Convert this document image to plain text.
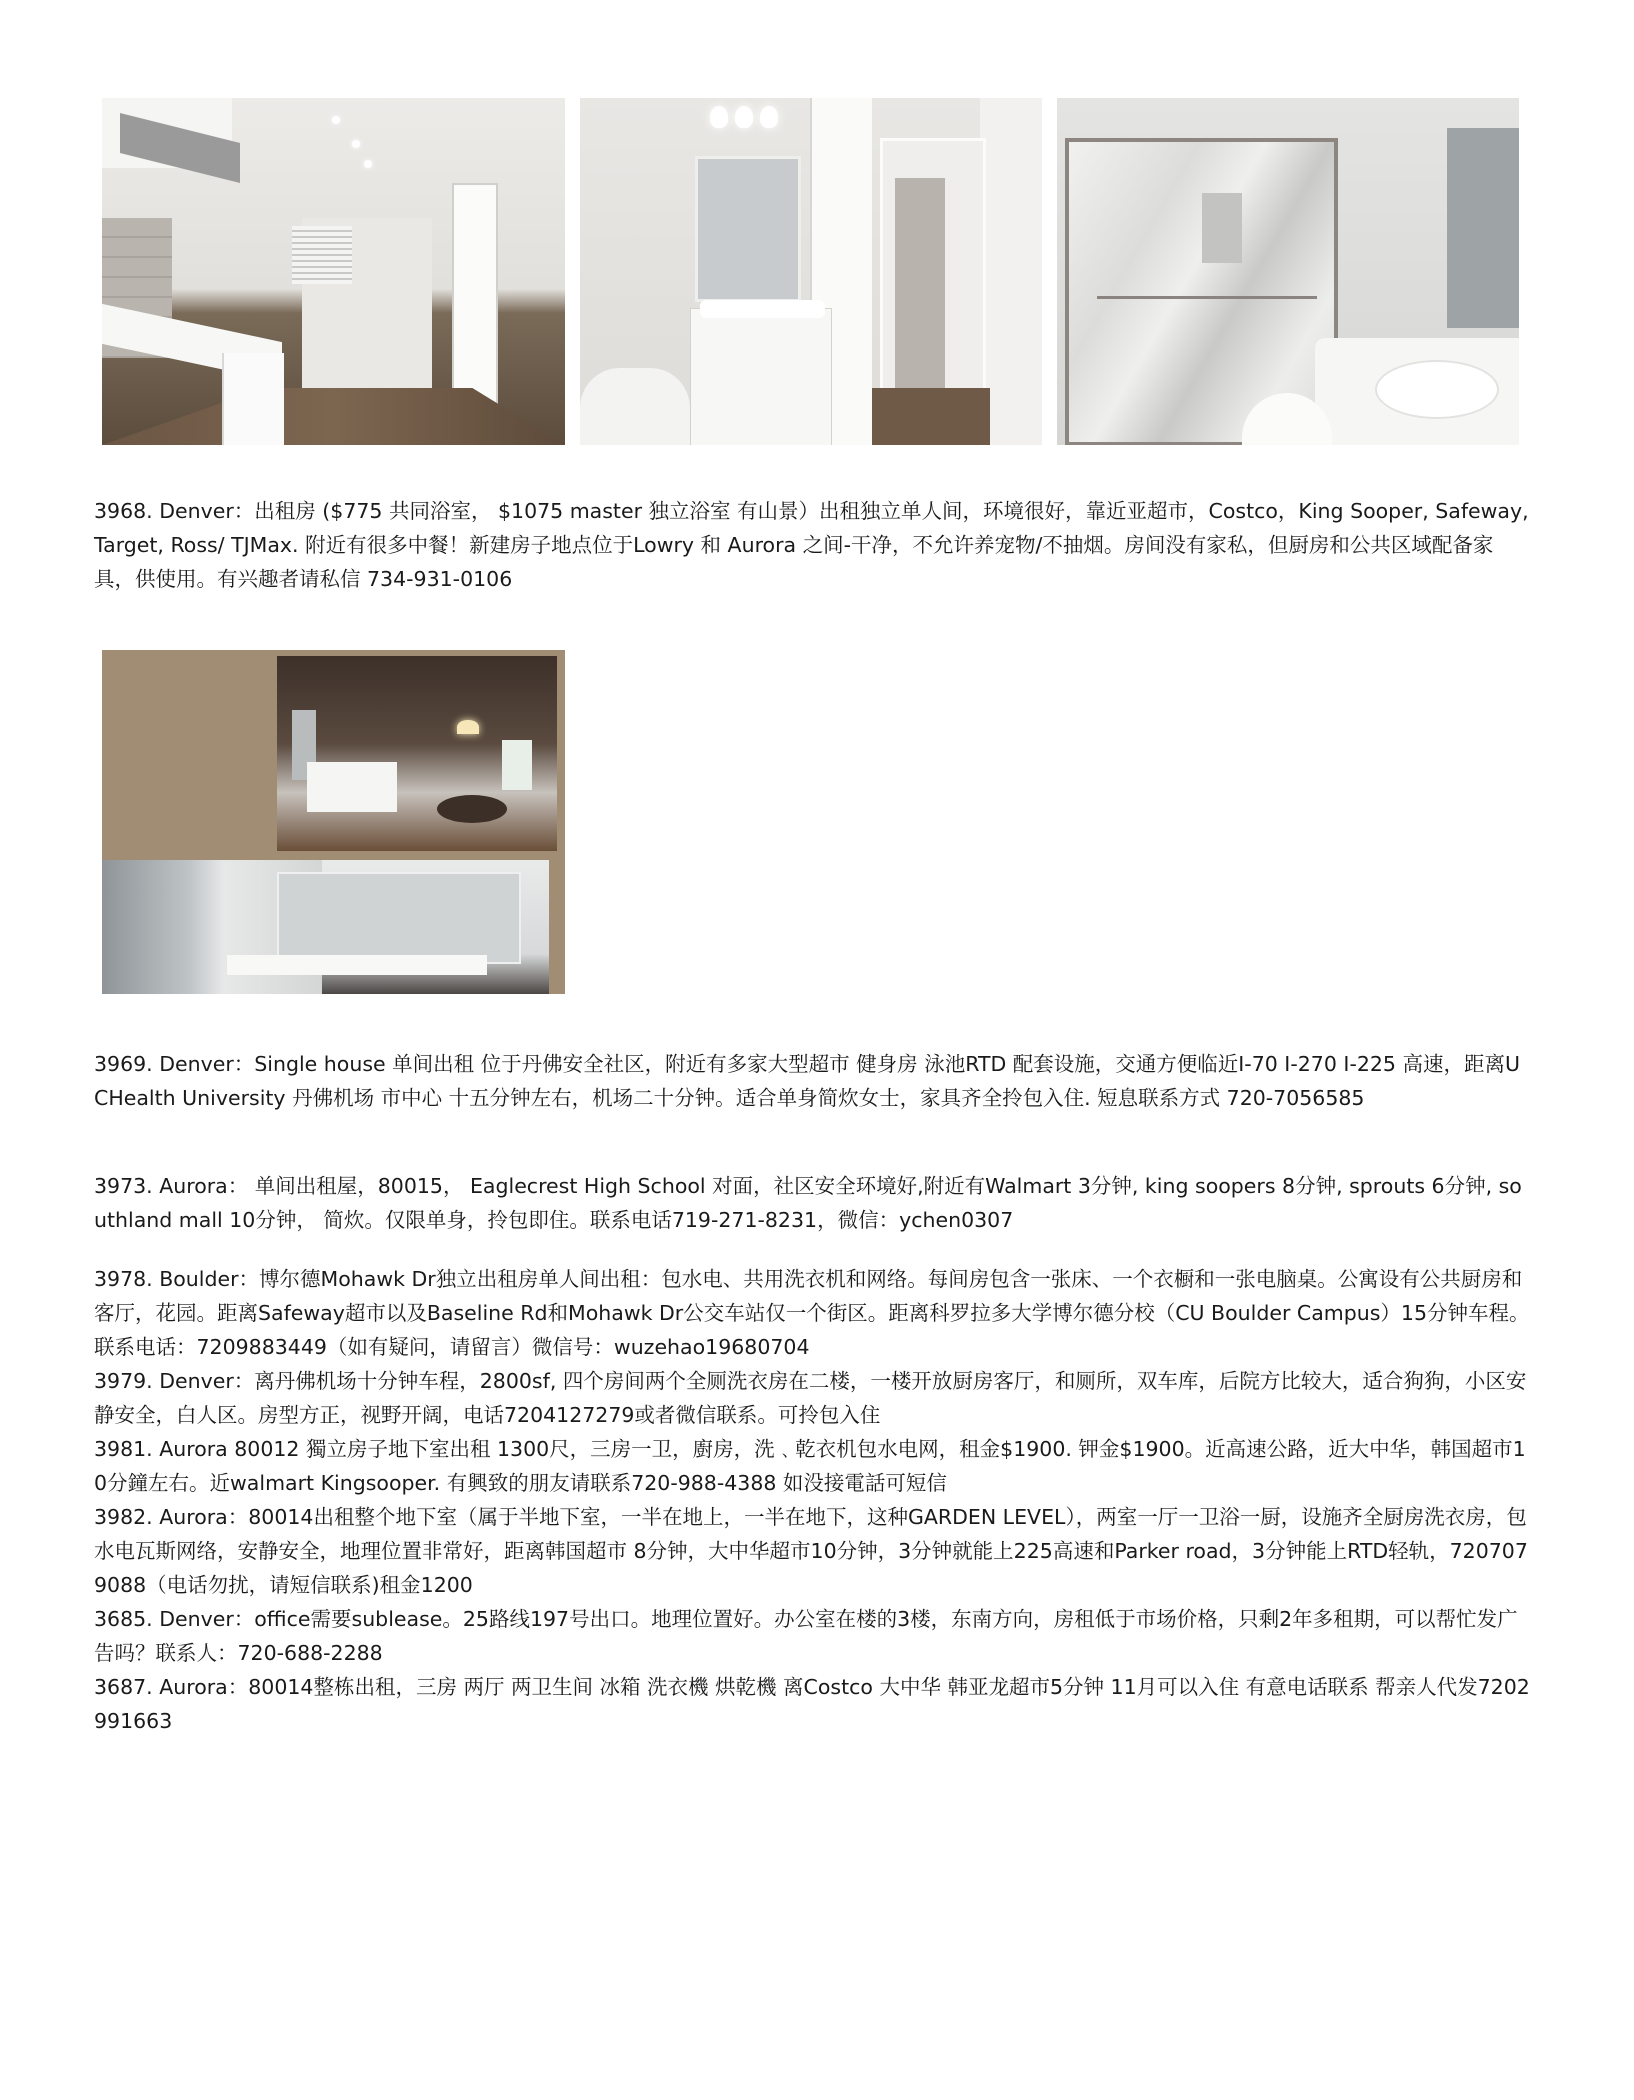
3968. Denver：出租房 ($775 共同浴室， $1075 master 独立浴室 有山景）出租独立单人间，环境很好，靠近亚超市，Costco，King Sooper, Safeway, Target, Ross/ TJMax. 附近有很多中餐！新建房子地点位于Lowry 和 Aurora 之间-干净，不允许养宠物/不抽烟。房间没有家私，但厨房和公共区域配备家具，供使用。有兴趣者请私信 734-931-0106

3969. Denver：Single house 单间出租 位于丹佛安全社区，附近有多家大型超市 健身房 泳池RTD 配套设施，交通方便临近I-70 I-270 I-225 高速，距离UCHealth University 丹佛机场 市中心 十五分钟左右，机场二十分钟。适合单身简炊女士，家具齐全拎包入住. 短息联系方式 720-7056585

3973. Aurora： 单间出租屋，80015， Eaglecrest High School 对面，社区安全环境好,附近有Walmart 3分钟, king soopers 8分钟, sprouts 6分钟, southland mall 10分钟， 简炊。仅限单身，拎包即住。联系电话719-271-8231，微信：ychen0307

3978. Boulder：博尔德Mohawk Dr独立出租房单人间出租：包水电、共用洗衣机和网络。每间房包含一张床、一个衣橱和一张电脑桌。公寓设有公共厨房和客厅，花园。距离Safeway超市以及Baseline Rd和Mohawk Dr公交车站仅一个街区。距离科罗拉多大学博尔德分校（CU Boulder Campus）15分钟车程。联系电话：7209883449（如有疑问，请留言）微信号：wuzehao19680704
3979. Denver：离丹佛机场十分钟车程，2800sf, 四个房间两个全厕洗衣房在二楼，一楼开放厨房客厅，和厕所，双车库，后院方比较大，适合狗狗，小区安静安全，白人区。房型方正，视野开阔，电话7204127279或者微信联系。可拎包入住
3981. Aurora 80012 獨立房子地下室出租 1300尺，三房一卫，廚房，洗﹑乾衣机包水电网，租金$1900. 钾金$1900。近高速公路，近大中华，韩国超市10分鐘左右。近walmart Kingsooper. 有興致的朋友请联系720-988-4388 如没接電話可短信
3982. Aurora：80014出租整个地下室（属于半地下室，一半在地上，一半在地下，这种GARDEN LEVEL），两室一厅一卫浴一厨，设施齐全厨房洗衣房，包水电瓦斯网络，安静安全，地理位置非常好，距离韩国超市 8分钟，大中华超市10分钟，3分钟就能上225高速和Parker road，3分钟能上RTD轻轨，7207079088（电话勿扰，请短信联系)租金1200
3685. Denver：office需要sublease。25路线197号出口。地理位置好。办公室在楼的3楼，东南方向，房租低于市场价格，只剩2年多租期，可以帮忙发广告吗？联系人：720-688-2288
3687. Aurora：80014整栋出租，三房 两厅 两卫生间 冰箱 洗衣機 烘乾機 离Costco 大中华 韩亚龙超市5分钟 11月可以入住 有意电话联系 帮亲人代发7202991663
